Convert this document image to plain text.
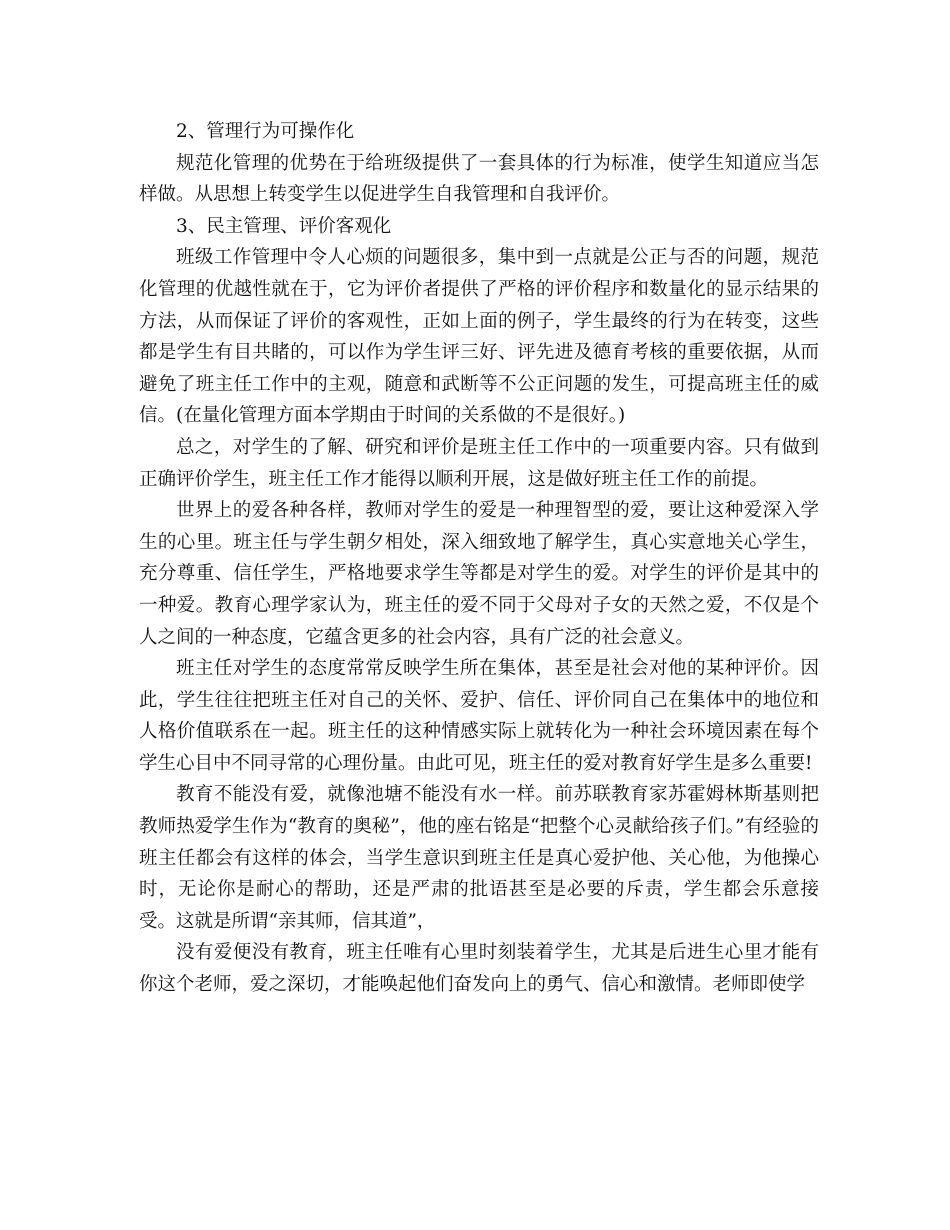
2、管理行为可操作化

规范化管理的优势在于给班级提供了一套具体的行为标准，使学生知道应当怎样做。从思想上转变学生以促进学生自我管理和自我评价。

3、民主管理、评价客观化

班级工作管理中令人心烦的问题很多，集中到一点就是公正与否的问题，规范化管理的优越性就在于，它为评价者提供了严格的评价程序和数量化的显示结果的方法，从而保证了评价的客观性，正如上面的例子，学生最终的行为在转变，这些都是学生有目共睹的，可以作为学生评三好、评先进及德育考核的重要依据，从而避免了班主任工作中的主观，随意和武断等不公正问题的发生，可提高班主任的威信。(在量化管理方面本学期由于时间的关系做的不是很好。)

总之，对学生的了解、研究和评价是班主任工作中的一项重要内容。只有做到正确评价学生，班主任工作才能得以顺利开展，这是做好班主任工作的前提。

世界上的爱各种各样，教师对学生的爱是一种理智型的爱，要让这种爱深入学生的心里。班主任与学生朝夕相处，深入细致地了解学生，真心实意地关心学生，充分尊重、信任学生，严格地要求学生等都是对学生的爱。对学生的评价是其中的一种爱。教育心理学家认为，班主任的爱不同于父母对子女的天然之爱，不仅是个人之间的一种态度，它蕴含更多的社会内容，具有广泛的社会意义。

班主任对学生的态度常常反映学生所在集体，甚至是社会对他的某种评价。因此，学生往往把班主任对自己的关怀、爱护、信任、评价同自己在集体中的地位和人格价值联系在一起。班主任的这种情感实际上就转化为一种社会环境因素在每个学生心目中不同寻常的心理份量。由此可见，班主任的爱对教育好学生是多么重要!

教育不能没有爱，就像池塘不能没有水一样。前苏联教育家苏霍姆林斯基则把教师热爱学生作为“教育的奥秘”，他的座右铭是“把整个心灵献给孩子们。”有经验的班主任都会有这样的体会，当学生意识到班主任是真心爱护他、关心他，为他操心时，无论你是耐心的帮助，还是严肃的批语甚至是必要的斥责，学生都会乐意接受。这就是所谓“亲其师，信其道”，

没有爱便没有教育，班主任唯有心里时刻装着学生，尤其是后进生心里才能有你这个老师，爱之深切，才能唤起他们奋发向上的勇气、信心和激情。老师即使学
